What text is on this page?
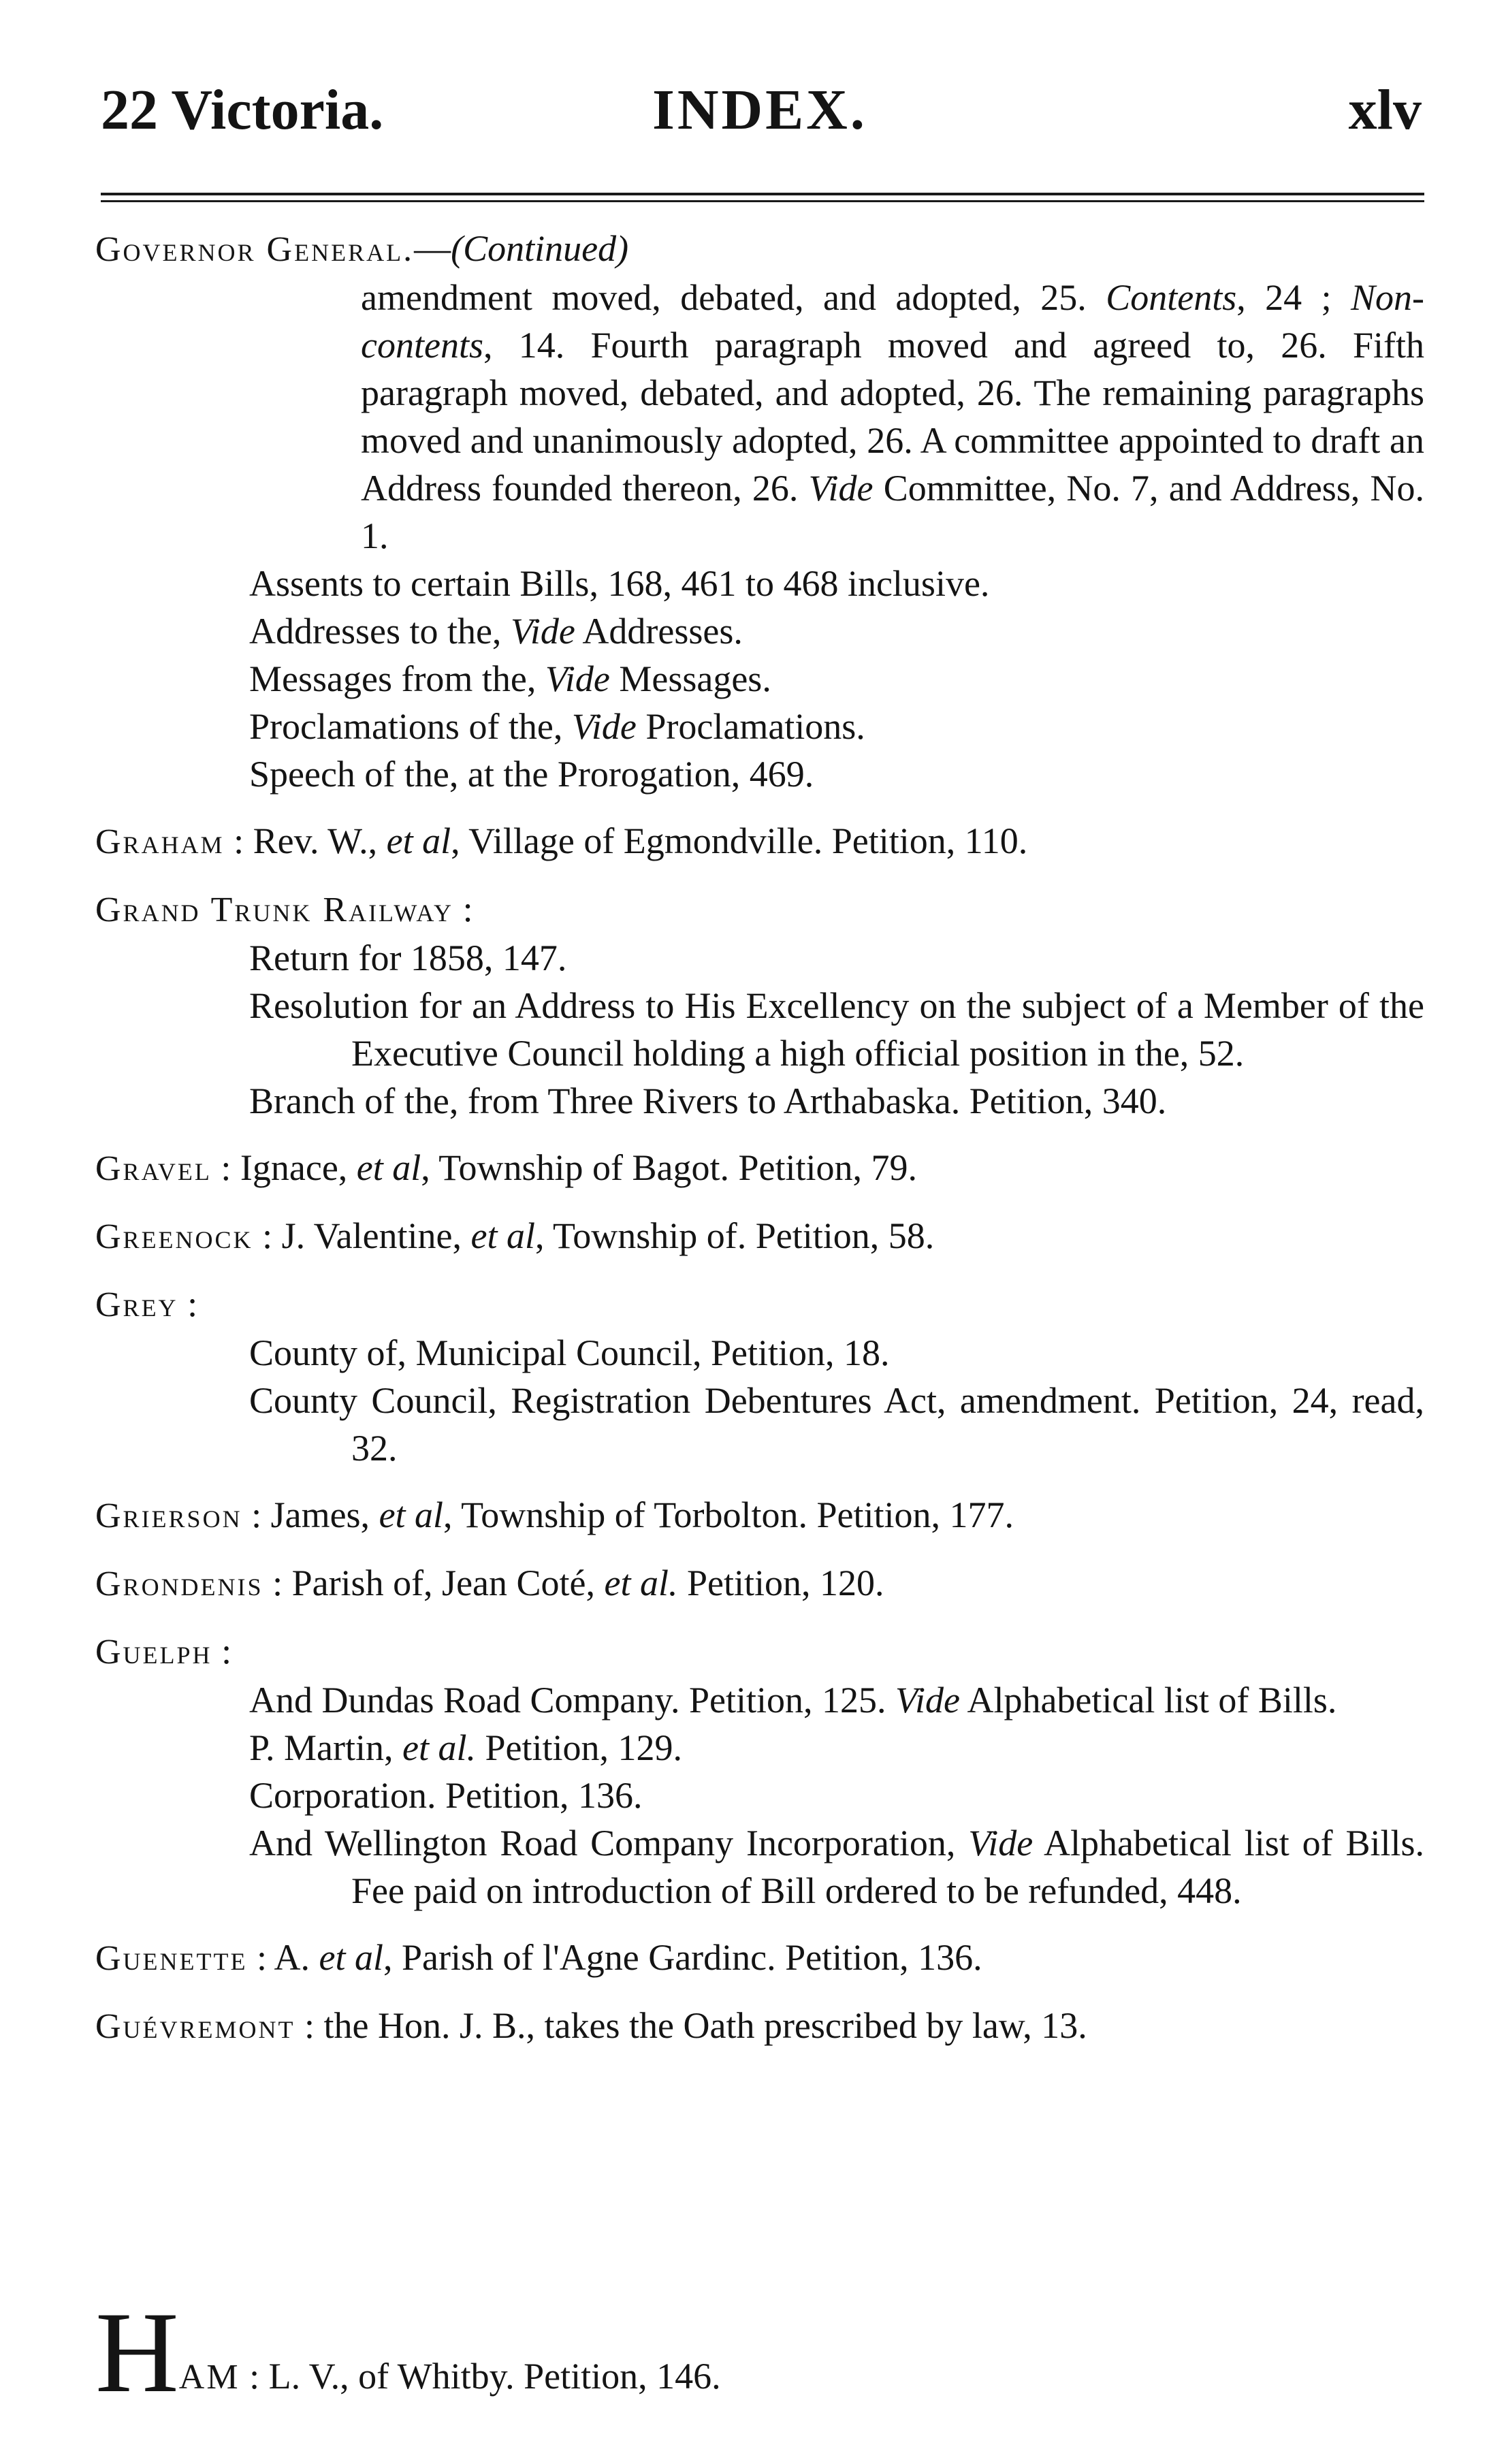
22 Victoria.	INDEX.	xlv
Governor General.—(Continued)
amendment moved, debated, and adopted, 25. Contents, 24 ; Non-contents, 14. Fourth paragraph moved and agreed to, 26. Fifth paragraph moved, debated, and adopted, 26. The remaining paragraphs moved and unanimously adopted, 26. A committee appointed to draft an Address founded thereon, 26. Vide Committee, No. 7, and Address, No. 1.
Assents to certain Bills, 168, 461 to 468 inclusive.
Addresses to the, Vide Addresses.
Messages from the, Vide Messages.
Proclamations of the, Vide Proclamations.
Speech of the, at the Prorogation, 469.
Graham : Rev. W., et al, Village of Egmondville. Petition, 110.
Grand Trunk Railway :
Return for 1858, 147.
Resolution for an Address to His Excellency on the subject of a Member of the Executive Council holding a high official position in the, 52.
Branch of the, from Three Rivers to Arthabaska. Petition, 340.
Gravel : Ignace, et al, Township of Bagot. Petition, 79.
Greenock : J. Valentine, et al, Township of. Petition, 58.
Grey :
County of, Municipal Council, Petition, 18.
County Council, Registration Debentures Act, amendment. Petition, 24, read, 32.
Grierson : James, et al, Township of Torbolton. Petition, 177.
Grondenis : Parish of, Jean Coté, et al. Petition, 120.
Guelph :
And Dundas Road Company. Petition, 125. Vide Alphabetical list of Bills.
P. Martin, et al. Petition, 129.
Corporation. Petition, 136.
And Wellington Road Company Incorporation, Vide Alphabetical list of Bills. Fee paid on introduction of Bill ordered to be refunded, 448.
Guenette : A. et al, Parish of l'Agne Gardinc. Petition, 136.
Guévremont : the Hon. J. B., takes the Oath prescribed by law, 13.
HAM : L. V., of Whitby. Petition, 146.
